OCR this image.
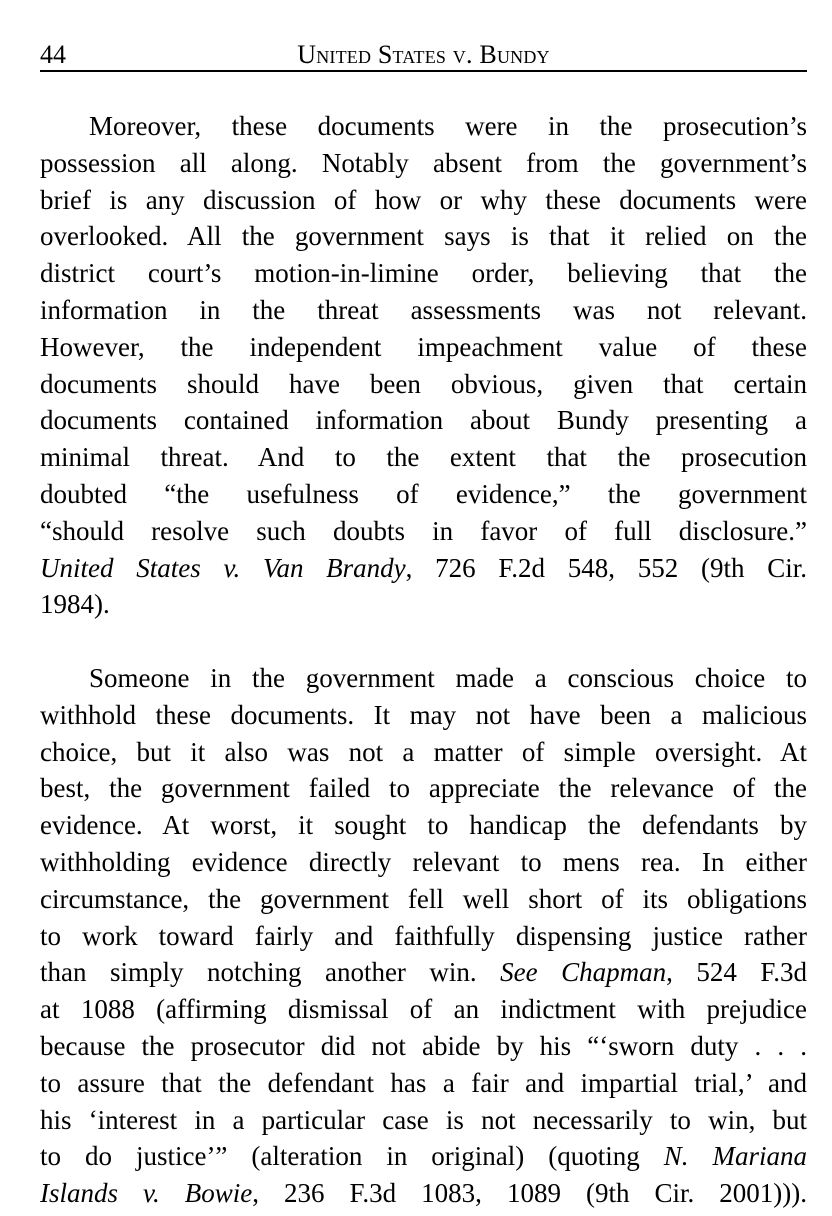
44	United States v. Bundy
Moreover, these documents were in the prosecution’s
possession all along. Notably absent from the government’s
brief is any discussion of how or why these documents were
overlooked. All the government says is that it relied on the
district court’s motion-in-limine order, believing that the
information in the threat assessments was not relevant.
However, the independent impeachment value of these
documents should have been obvious, given that certain
documents contained information about Bundy presenting a
minimal threat. And to the extent that the prosecution
doubted “the usefulness of evidence,” the government
“should resolve such doubts in favor of full disclosure.”
United States v. Van Brandy, 726 F.2d 548, 552 (9th Cir.
1984).
Someone in the government made a conscious choice to
withhold these documents. It may not have been a malicious
choice, but it also was not a matter of simple oversight. At
best, the government failed to appreciate the relevance of the
evidence. At worst, it sought to handicap the defendants by
withholding evidence directly relevant to mens rea. In either
circumstance, the government fell well short of its obligations
to work toward fairly and faithfully dispensing justice rather
than simply notching another win. See Chapman, 524 F.3d
at 1088 (affirming dismissal of an indictment with prejudice
because the prosecutor did not abide by his “‘sworn duty . . .
to assure that the defendant has a fair and impartial trial,’ and
his ‘interest in a particular case is not necessarily to win, but
to do justice’” (alteration in original) (quoting N. Mariana
Islands v. Bowie, 236 F.3d 1083, 1089 (9th Cir. 2001))).
